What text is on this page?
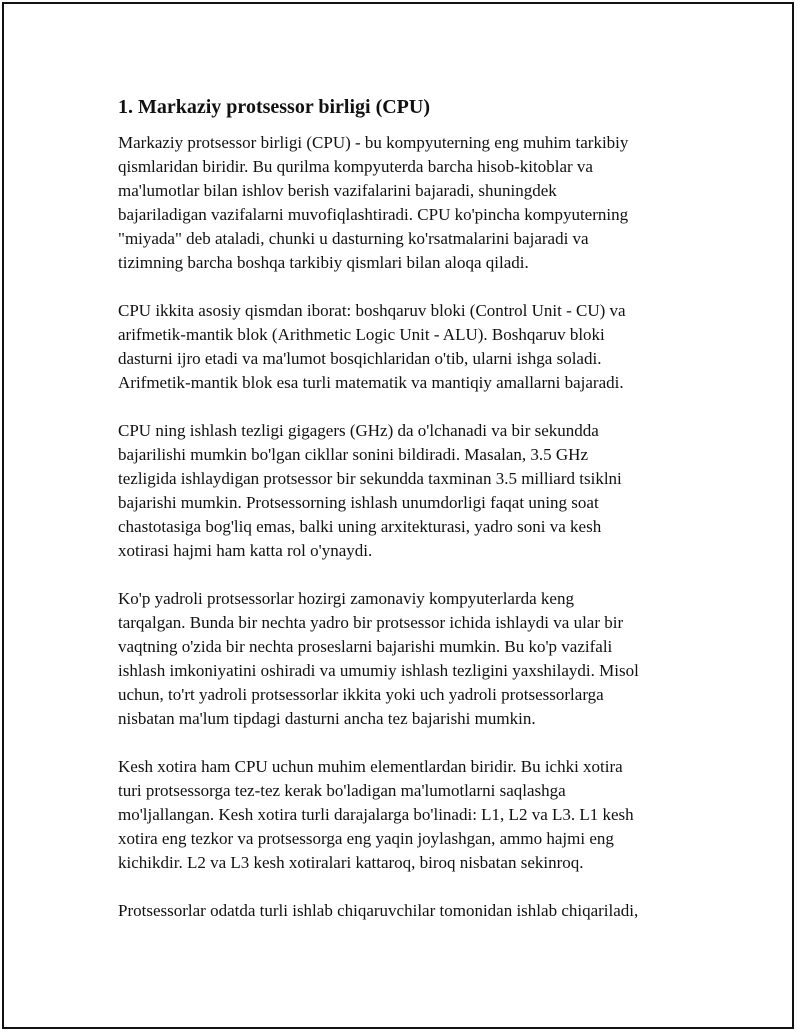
1. Markaziy protsessor birligi (CPU)

Markaziy protsessor birligi (CPU) - bu kompyuterning eng muhim tarkibiy
qismlaridan biridir. Bu qurilma kompyuterda barcha hisob-kitoblar va
ma'lumotlar bilan ishlov berish vazifalarini bajaradi, shuningdek
bajariladigan vazifalarni muvofiqlashtiradi. CPU ko'pincha kompyuterning
"miyada" deb ataladi, chunki u dasturning ko'rsatmalarini bajaradi va
tizimning barcha boshqa tarkibiy qismlari bilan aloqa qiladi.

CPU ikkita asosiy qismdan iborat: boshqaruv bloki (Control Unit - CU) va
arifmetik-mantik blok (Arithmetic Logic Unit - ALU). Boshqaruv bloki
dasturni ijro etadi va ma'lumot bosqichlaridan o'tib, ularni ishga soladi.
Arifmetik-mantik blok esa turli matematik va mantiqiy amallarni bajaradi.

CPU ning ishlash tezligi gigagers (GHz) da o'lchanadi va bir sekundda
bajarilishi mumkin bo'lgan cikllar sonini bildiradi. Masalan, 3.5 GHz
tezligida ishlaydigan protsessor bir sekundda taxminan 3.5 milliard tsiklni
bajarishi mumkin. Protsessorning ishlash unumdorligi faqat uning soat
chastotasiga bog'liq emas, balki uning arxitekturasi, yadro soni va kesh
xotirasi hajmi ham katta rol o'ynaydi.

Ko'p yadroli protsessorlar hozirgi zamonaviy kompyuterlarda keng
tarqalgan. Bunda bir nechta yadro bir protsessor ichida ishlaydi va ular bir
vaqtning o'zida bir nechta proseslarni bajarishi mumkin. Bu ko'p vazifali
ishlash imkoniyatini oshiradi va umumiy ishlash tezligini yaxshilaydi. Misol
uchun, to'rt yadroli protsessorlar ikkita yoki uch yadroli protsessorlarga
nisbatan ma'lum tipdagi dasturni ancha tez bajarishi mumkin.

Kesh xotira ham CPU uchun muhim elementlardan biridir. Bu ichki xotira
turi protsessorga tez-tez kerak bo'ladigan ma'lumotlarni saqlashga
mo'ljallangan. Kesh xotira turli darajalarga bo'linadi: L1, L2 va L3. L1 kesh
xotira eng tezkor va protsessorga eng yaqin joylashgan, ammo hajmi eng
kichikdir. L2 va L3 kesh xotiralari kattaroq, biroq nisbatan sekinroq.

Protsessorlar odatda turli ishlab chiqaruvchilar tomonidan ishlab chiqariladi,
